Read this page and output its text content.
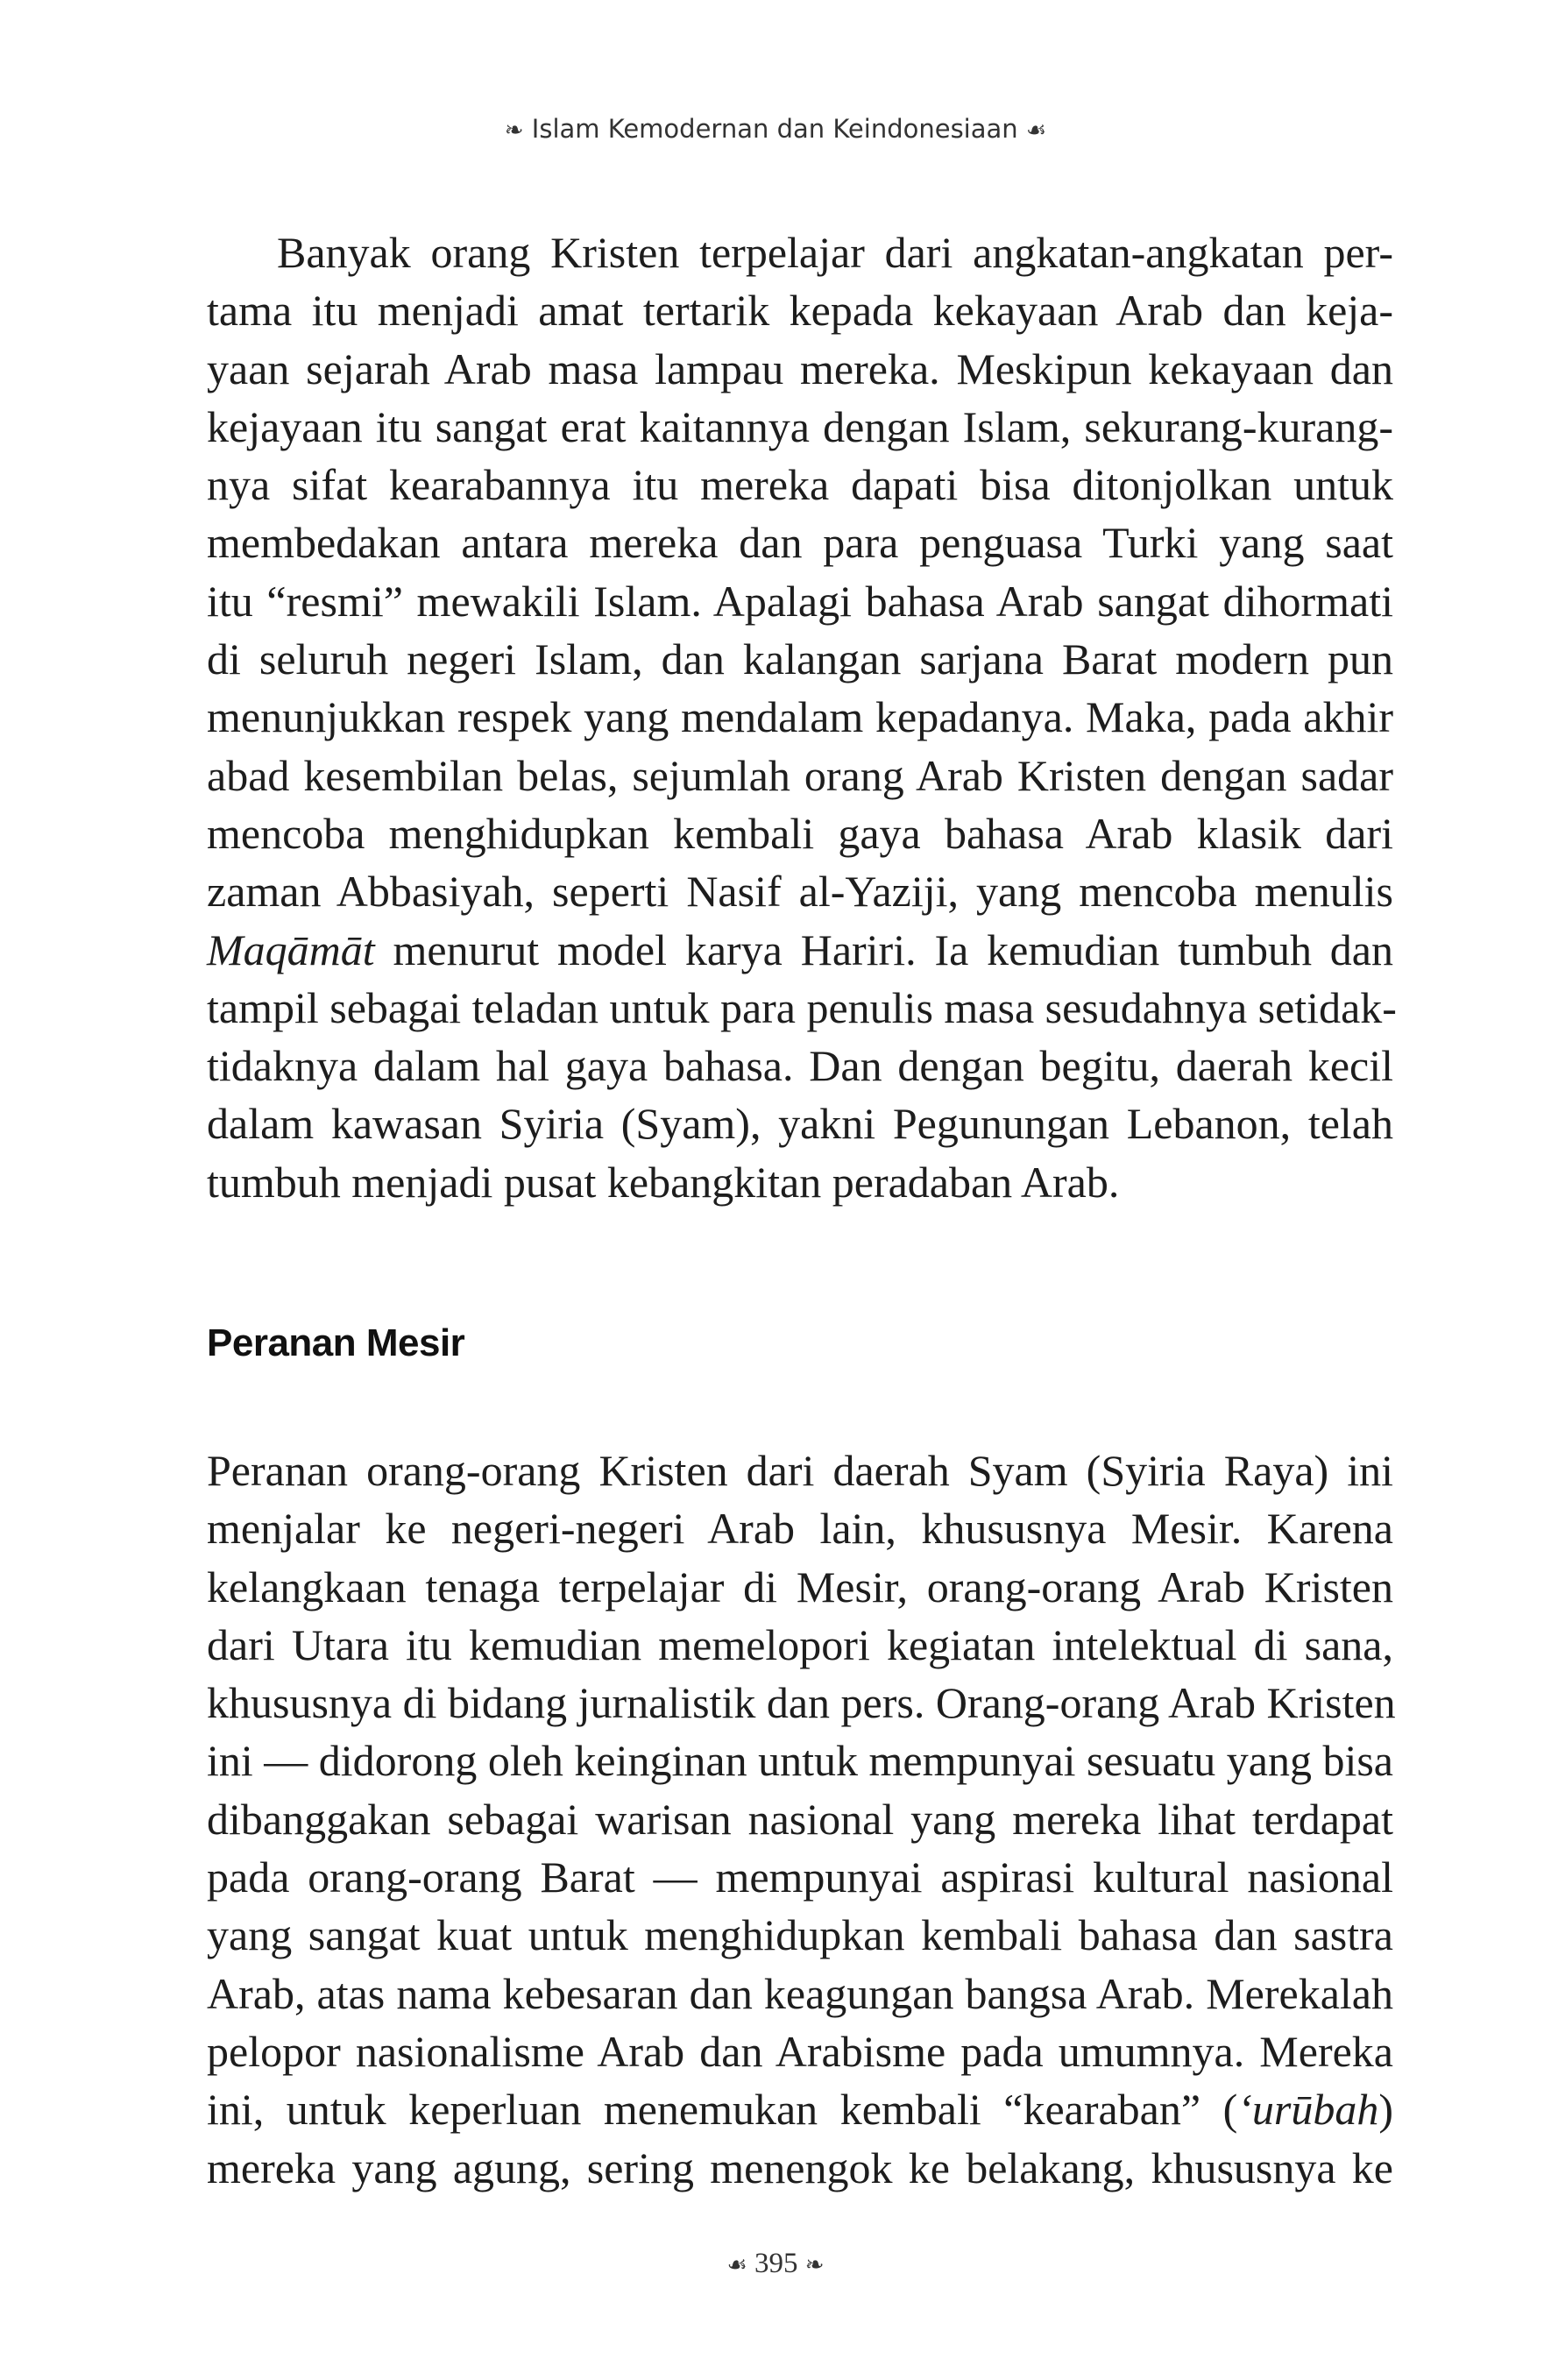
❧ Islam Kemodernan dan Keindonesiaan ☙
Banyak orang Kristen terpelajar dari angkatan-angkatan per-
tama itu menjadi amat tertarik kepada kekayaan Arab dan keja-
yaan sejarah Arab masa lampau mereka. Meskipun kekayaan dan
kejayaan itu sangat erat kaitannya dengan Islam, sekurang-kurang-
nya sifat kearabannya itu mereka dapati bisa ditonjolkan untuk
membedakan antara mereka dan para penguasa Turki yang saat
itu “resmi” mewakili Islam. Apalagi bahasa Arab sangat dihormati
di seluruh negeri Islam, dan kalangan sarjana Barat modern pun
menunjukkan respek yang mendalam kepadanya. Maka, pada akhir
abad kesembilan belas, sejumlah orang Arab Kristen dengan sadar
mencoba menghidupkan kembali gaya bahasa Arab klasik dari
zaman Abbasiyah, seperti Nasif al-Yaziji, yang mencoba menulis
Maqāmāt menurut model karya Hariri. Ia kemudian tumbuh dan
tampil sebagai teladan untuk para penulis masa sesudahnya setidak-
tidaknya dalam hal gaya bahasa. Dan dengan begitu, daerah kecil
dalam kawasan Syiria (Syam), yakni Pegunungan Lebanon, telah
tumbuh menjadi pusat kebangkitan peradaban Arab.
Peranan Mesir
Peranan orang-orang Kristen dari daerah Syam (Syiria Raya) ini
menjalar ke negeri-negeri Arab lain, khususnya Mesir. Karena
kelangkaan tenaga terpelajar di Mesir, orang-orang Arab Kristen
dari Utara itu kemudian memelopori kegiatan intelektual di sana,
khususnya di bidang jurnalistik dan pers. Orang-orang Arab Kristen
ini — didorong oleh keinginan untuk mempunyai sesuatu yang bisa
dibanggakan sebagai warisan nasional yang mereka lihat terdapat
pada orang-orang Barat — mempunyai aspirasi kultural nasional
yang sangat kuat untuk menghidupkan kembali bahasa dan sastra
Arab, atas nama kebesaran dan keagungan bangsa Arab. Merekalah
pelopor nasionalisme Arab dan Arabisme pada umumnya. Mereka
ini, untuk keperluan menemukan kembali “kearaban” (‘urūbah)
mereka yang agung, sering menengok ke belakang, khususnya ke
☙ 395 ❧
